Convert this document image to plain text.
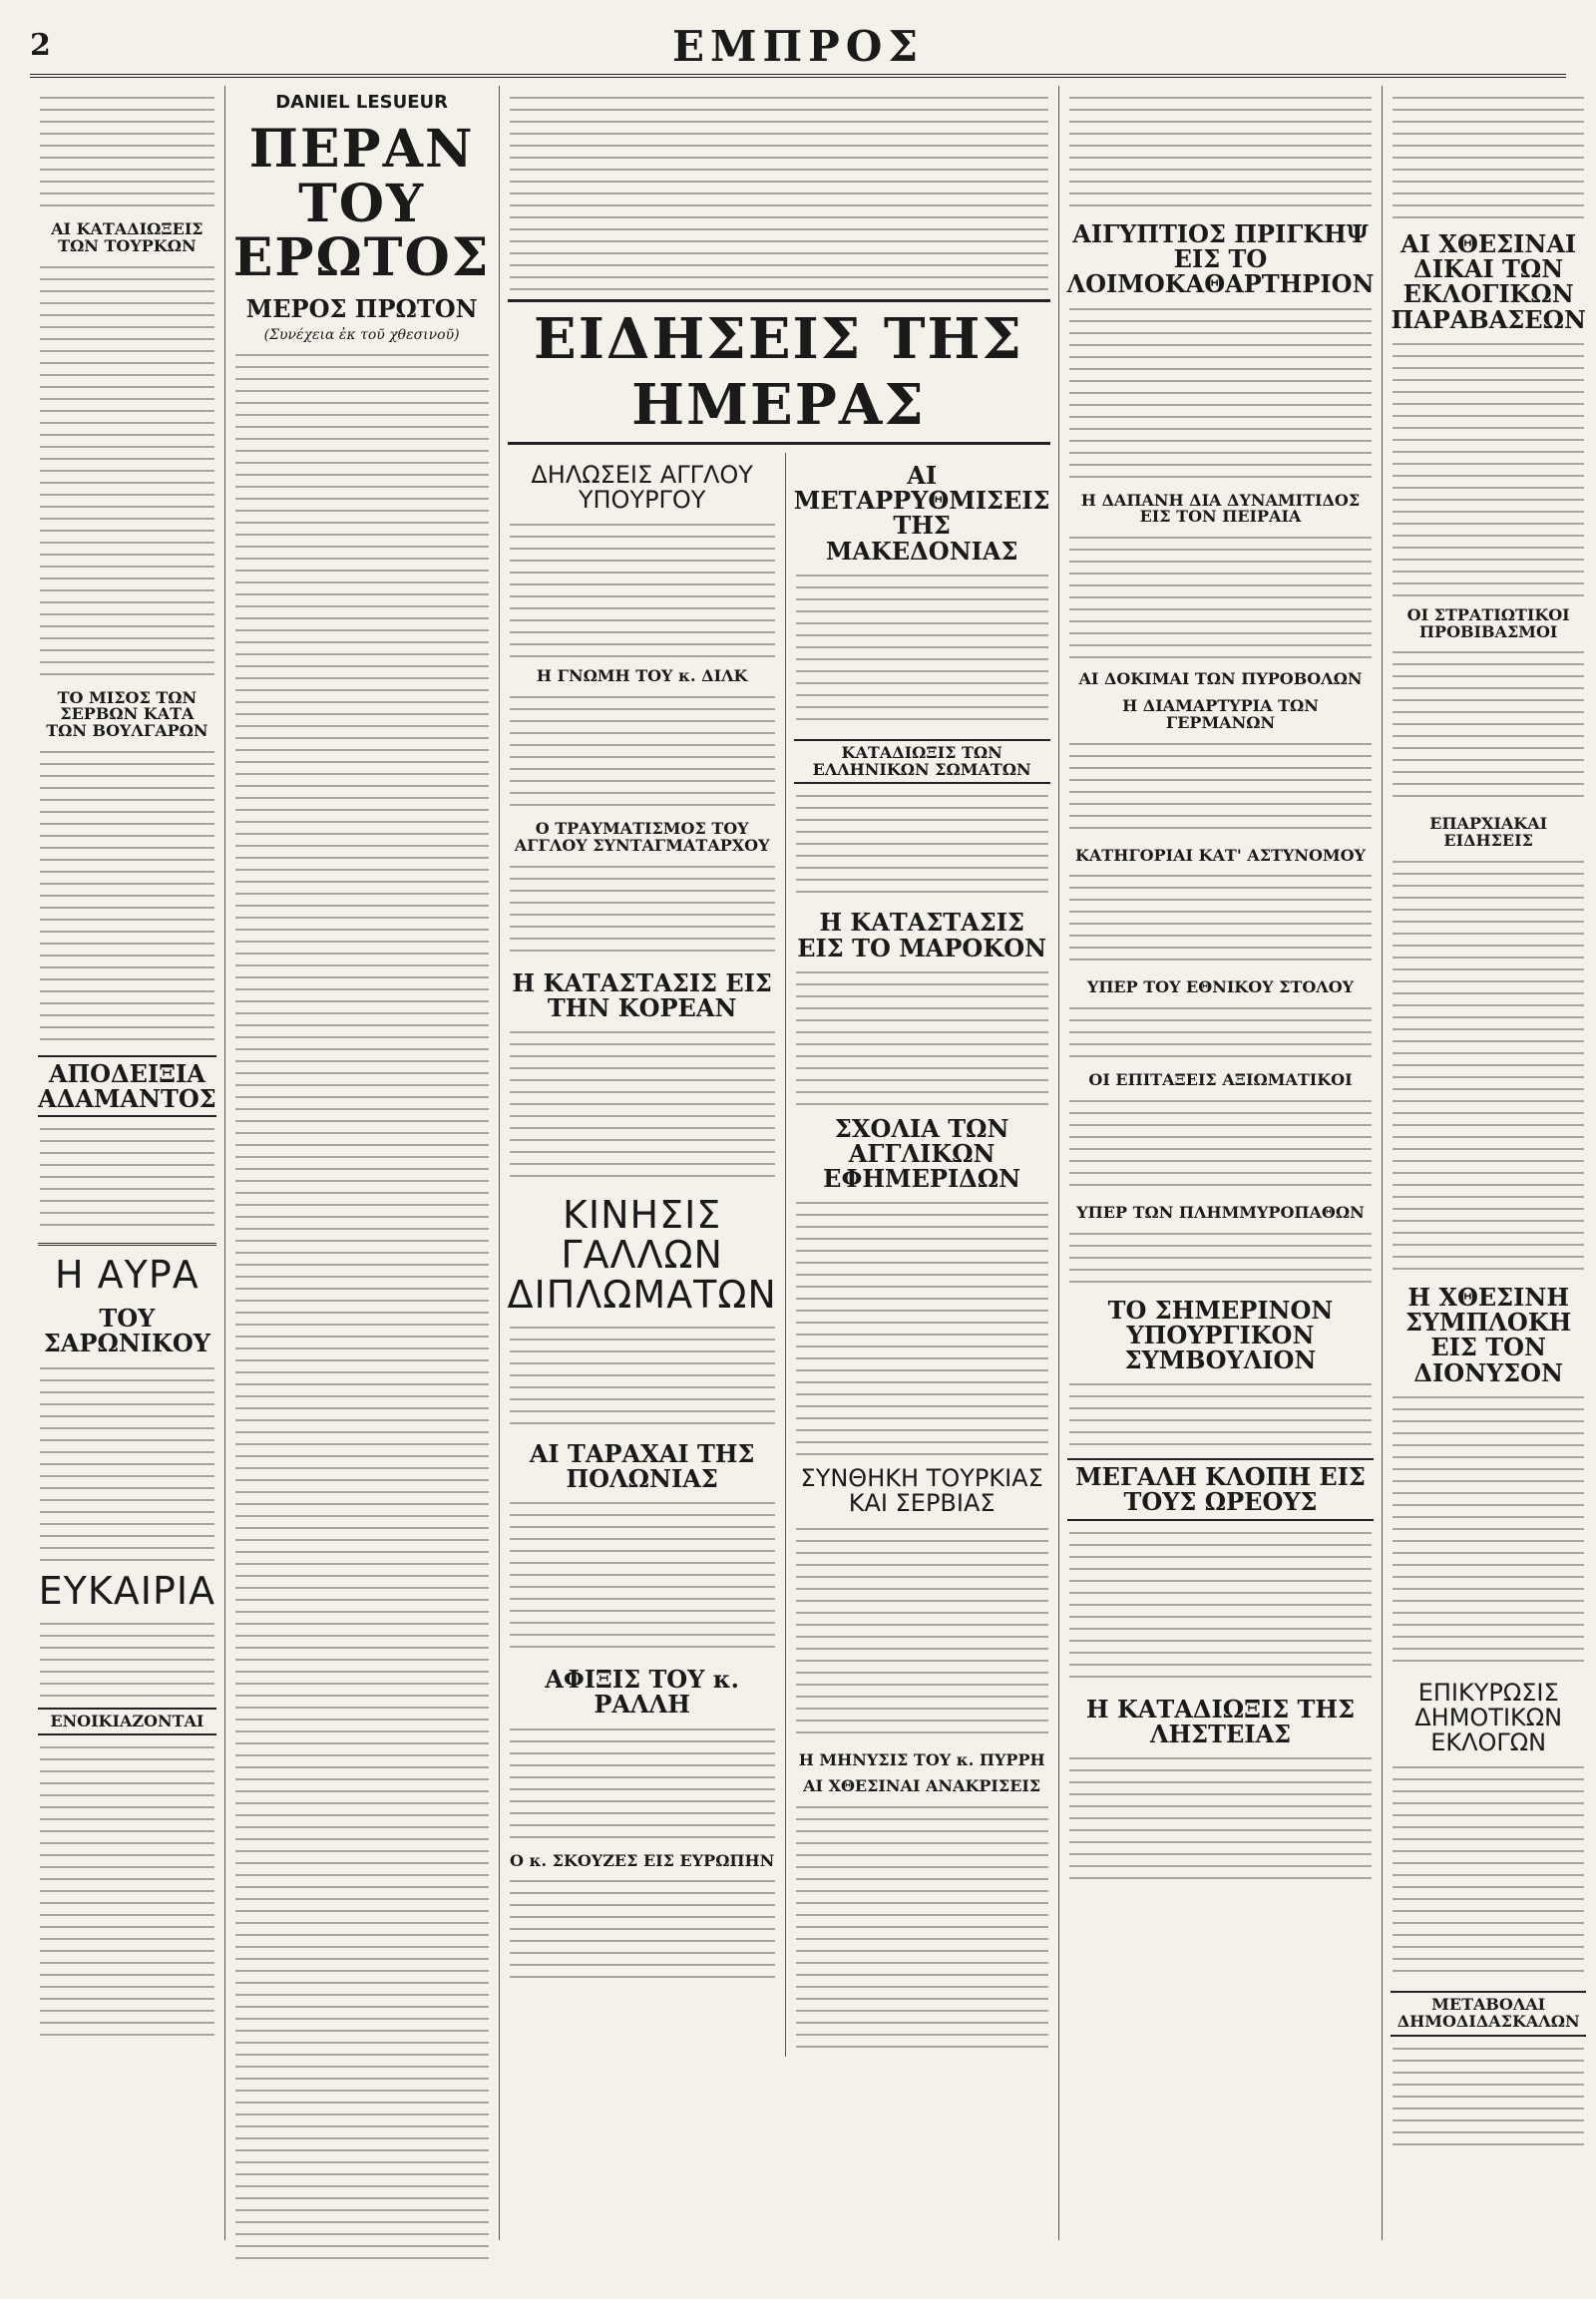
2	ΕΜΠΡΟΣ
ΑΙ ΚΑΤΑΔΙΩΞΕΙΣ ΤΩΝ ΤΟΥΡΚΩΝ
ΤΟ ΜΙΣΟΣ ΤΩΝ ΣΕΡΒΩΝ ΚΑΤΑ ΤΩΝ ΒΟΥΛΓΑΡΩΝ
ΑΠΟΔΕΙΞΙΑ ΑΔΑΜΑΝΤΟΣ
Η ΑΥΡΑ
ΤΟΥ ΣΑΡΩΝΙΚΟΥ
ΕΥΚΑΙΡΙΑ
ΕΝΟΙΚΙΑΖΟΝΤΑΙ
DANIEL LESUEUR
ΠΕΡΑΝ ΤΟΥ ΕΡΩΤΟΣ
ΜΕΡΟΣ ΠΡΩΤΟΝ
(Συνέχεια ἐκ τοῦ χθεσινοῦ)	ΕΙΔΗΣΕΙΣ ΤΗΣ ΗΜΕΡΑΣ
ΔΗΛΩΣΕΙΣ ΑΓΓΛΟΥ ΥΠΟΥΡΓΟΥ
Η ΓΝΩΜΗ ΤΟΥ κ. ΔΙΛΚ
Ο ΤΡΑΥΜΑΤΙΣΜΟΣ ΤΟΥ ΑΓΓΛΟΥ ΣΥΝΤΑΓΜΑΤΑΡΧΟΥ
Η ΚΑΤΑΣΤΑΣΙΣ ΕΙΣ ΤΗΝ ΚΟΡΕΑΝ
ΚΙΝΗΣΙΣ ΓΑΛΛΩΝ ΔΙΠΛΩΜΑΤΩΝ
ΑΙ ΤΑΡΑΧΑΙ ΤΗΣ ΠΟΛΩΝΙΑΣ
ΑΦΙΞΙΣ ΤΟΥ κ. ΡΑΛΛΗ
Ο κ. ΣΚΟΥΖΕΣ ΕΙΣ ΕΥΡΩΠΗΝ
ΑΙ ΜΕΤΑΡΡΥΘΜΙΣΕΙΣ ΤΗΣ ΜΑΚΕΔΟΝΙΑΣ
ΚΑΤΑΔΙΩΞΙΣ ΤΩΝ ΕΛΛΗΝΙΚΩΝ ΣΩΜΑΤΩΝ
Η ΚΑΤΑΣΤΑΣΙΣ ΕΙΣ ΤΟ ΜΑΡΟΚΟΝ
ΣΧΟΛΙΑ ΤΩΝ ΑΓΓΛΙΚΩΝ ΕΦΗΜΕΡΙΔΩΝ
ΣΥΝΘΗΚΗ ΤΟΥΡΚΙΑΣ ΚΑΙ ΣΕΡΒΙΑΣ
Η ΜΗΝΥΣΙΣ ΤΟΥ κ. ΠΥΡΡΗ
ΑΙ ΧΘΕΣΙΝΑΙ ΑΝΑΚΡΙΣΕΙΣ
ΑΙΓΥΠΤΙΟΣ ΠΡΙΓΚΗΨ ΕΙΣ ΤΟ ΛΟΙΜΟΚΑΘΑΡΤΗΡΙΟΝ
Η ΔΑΠΑΝΗ ΔΙΑ ΔΥΝΑΜΙΤΙΔΟΣ ΕΙΣ ΤΟΝ ΠΕΙΡΑΙΑ
ΑΙ ΔΟΚΙΜΑΙ ΤΩΝ ΠΥΡΟΒΟΛΩΝ
Η ΔΙΑΜΑΡΤΥΡΙΑ ΤΩΝ ΓΕΡΜΑΝΩΝ
ΚΑΤΗΓΟΡΙΑΙ ΚΑΤ' ΑΣΤΥΝΟΜΟΥ
ΥΠΕΡ ΤΟΥ ΕΘΝΙΚΟΥ ΣΤΟΛΟΥ
ΟΙ ΕΠΙΤΑΞΕΙΣ ΑΞΙΩΜΑΤΙΚΟΙ
ΥΠΕΡ ΤΩΝ ΠΛΗΜΜΥΡΟΠΑΘΩΝ
ΤΟ ΣΗΜΕΡΙΝΟΝ ΥΠΟΥΡΓΙΚΟΝ ΣΥΜΒΟΥΛΙΟΝ
ΜΕΓΑΛΗ ΚΛΟΠΗ ΕΙΣ ΤΟΥΣ ΩΡΕΟΥΣ
Η ΚΑΤΑΔΙΩΞΙΣ ΤΗΣ ΛΗΣΤΕΙΑΣ
ΑΙ ΧΘΕΣΙΝΑΙ ΔΙΚΑΙ ΤΩΝ ΕΚΛΟΓΙΚΩΝ ΠΑΡΑΒΑΣΕΩΝ
ΟΙ ΣΤΡΑΤΙΩΤΙΚΟΙ ΠΡΟΒΙΒΑΣΜΟΙ
ΕΠΑΡΧΙΑΚΑΙ ΕΙΔΗΣΕΙΣ
Η ΧΘΕΣΙΝΗ ΣΥΜΠΛΟΚΗ ΕΙΣ ΤΟΝ ΔΙΟΝΥΣΟΝ
ΕΠΙΚΥΡΩΣΙΣ ΔΗΜΟΤΙΚΩΝ ΕΚΛΟΓΩΝ
ΜΕΤΑΒΟΛΑΙ ΔΗΜΟΔΙΔΑΣΚΑΛΩΝ
